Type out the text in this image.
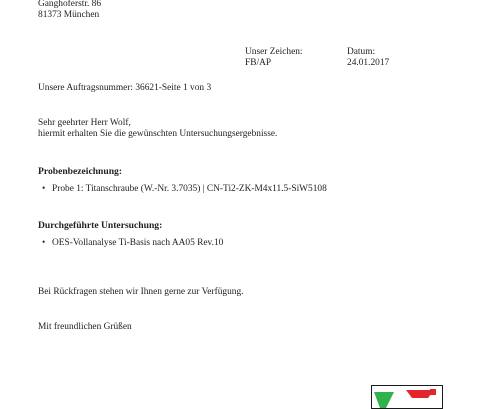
Ganghoferstr. 86
81373 München
Unser Zeichen:
FB/AP
Datum:
24.01.2017
Unsere Auftragsnummer: 36621-Seite 1 von 3
Sehr geehrter Herr Wolf,
hiermit erhalten Sie die gewünschten Untersuchungsergebnisse.
Probenbezeichnung:
• Probe 1: Titanschraube (W.-Nr. 3.7035) | CN-Ti2-ZK-M4x11.5-SiW5108
Durchgeführte Untersuchung:
• OES-Vollanalyse Ti-Basis nach AA05 Rev.10
Bei Rückfragen stehen wir Ihnen gerne zur Verfügung.
Mit freundlichen Grüßen
